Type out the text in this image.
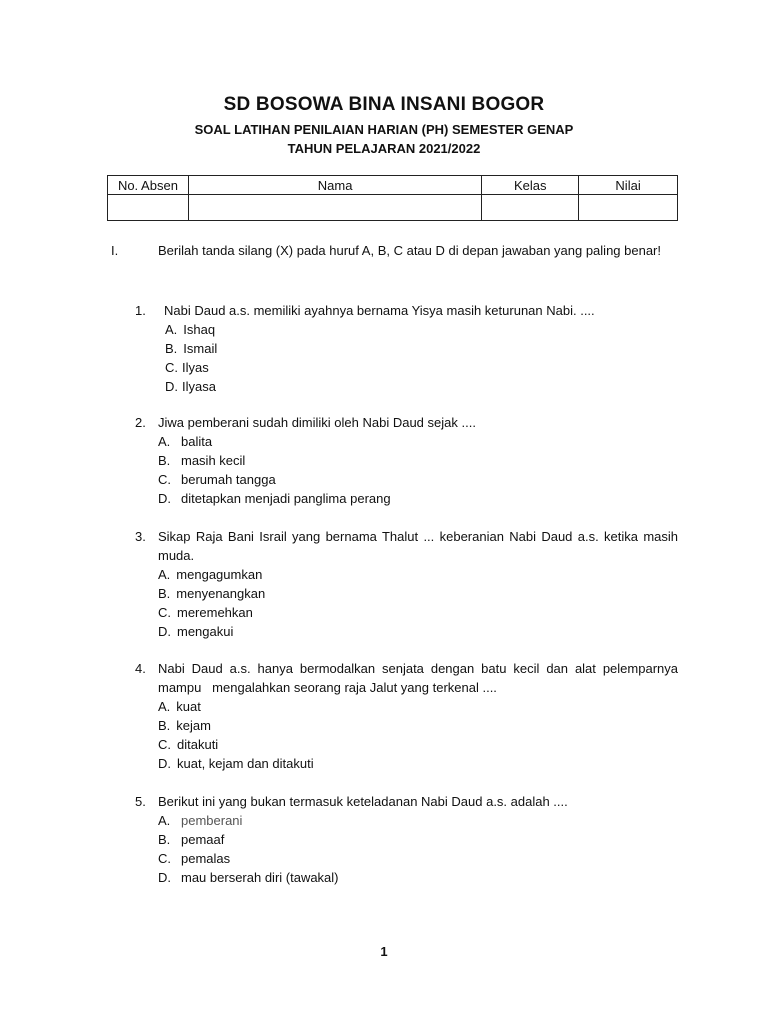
SD BOSOWA BINA INSANI BOGOR
SOAL LATIHAN PENILAIAN HARIAN (PH) SEMESTER GENAP
TAHUN PELAJARAN 2021/2022
No. Absen	Nama	Kelas	Nilai

I.	Berilah tanda silang (X) pada huruf A, B, C atau D di depan jawaban yang paling benar!
1.	Nabi Daud a.s. memiliki ayahnya bernama Yisya masih keturunan Nabi. ....
A. Ishaq
B. Ismail
C. Ilyas
D. Ilyasa
2. Jiwa pemberani sudah dimiliki oleh Nabi Daud sejak ....
A. balita
B. masih kecil
C. berumah tangga
D. ditetapkan menjadi panglima perang
3. Sikap Raja Bani Israil yang bernama Thalut ... keberanian Nabi Daud a.s. ketika masih muda.
A. mengagumkan
B. menyenangkan
C. meremehkan
D. mengakui
4. Nabi Daud a.s. hanya bermodalkan senjata dengan batu kecil dan alat pelemparnya mampu   mengalahkan seorang raja Jalut yang terkenal ....
A. kuat
B. kejam
C. ditakuti
D. kuat, kejam dan ditakuti
5. Berikut ini yang bukan termasuk keteladanan Nabi Daud a.s. adalah ....
A. pemberani
B. pemaaf
C. pemalas
D. mau berserah diri (tawakal)
1
